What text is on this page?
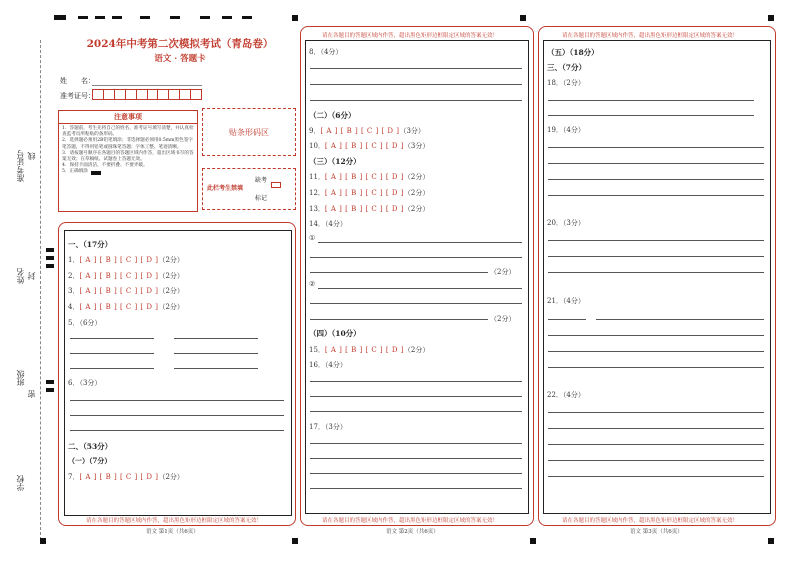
准考证号 线
姓名 封
班级
密
学校
2024年中考第二次模拟考试（青岛卷）
语文 · 答题卡
姓　　名：
准考证号：
注意事项
1．答题前，考生先将自己的姓名，准考证号填写清楚，并认真检查监考员所粘贴的条形码。
2．选择题必须用2B铅笔填涂；非选择题必须用0.5mm黑色签字笔答题，不得用铅笔或圆珠笔答题；字体工整、笔迹清晰。
3．请按题号顺序在各题目的答题区域内作答，超出区域书写的答案无效；在草稿纸、试题卷上答题无效。
4．保持卡面清洁，不要折叠、不要弄破。
5．正确填涂
贴条形码区
此栏考生禁填
缺考
标记
一、（17分）
1．[ A ] [ B ] [ C ] [ D ]（2分）
2．[ A ] [ B ] [ C ] [ D ]（2分）
3．[ A ] [ B ] [ C ] [ D ]（2分）
4．[ A ] [ B ] [ C ] [ D ]（2分）
5．（6分）
6．（3分）
二、（53分）
（一）（7分）
7．[ A ] [ B ] [ C ] [ D ]（2分）
请在各题目的答题区域内作答，超出黑色矩形边框限定区域的答案无效！
语文 第1页（共6页）
请在各题目的答题区域内作答，超出黑色矩形边框限定区域的答案无效！
8．（4分）
（二）（6分）
9．[ A ] [ B ] [ C ] [ D ]（3分）
10．[ A ] [ B ] [ C ] [ D ]（3分）
（三）（12分）
11．[ A ] [ B ] [ C ] [ D ]（2分）
12．[ A ] [ B ] [ C ] [ D ]（2分）
13．[ A ] [ B ] [ C ] [ D ]（2分）
14．（4分）
①
（2分）
②
（2分）
（四）（10分）
15．[ A ] [ B ] [ C ] [ D ]（2分）
16．（4分）
17．（3分）
请在各题目的答题区域内作答，超出黑色矩形边框限定区域的答案无效！
语文 第2页（共6页）
请在各题目的答题区域内作答，超出黑色矩形边框限定区域的答案无效！
（五）（18分）
三、（7分）
18．（2分）
19．（4分）
20．（3分）
21．（4分）
22．（4分）
请在各题目的答题区域内作答，超出黑色矩形边框限定区域的答案无效！
语文 第3页（共6页）
